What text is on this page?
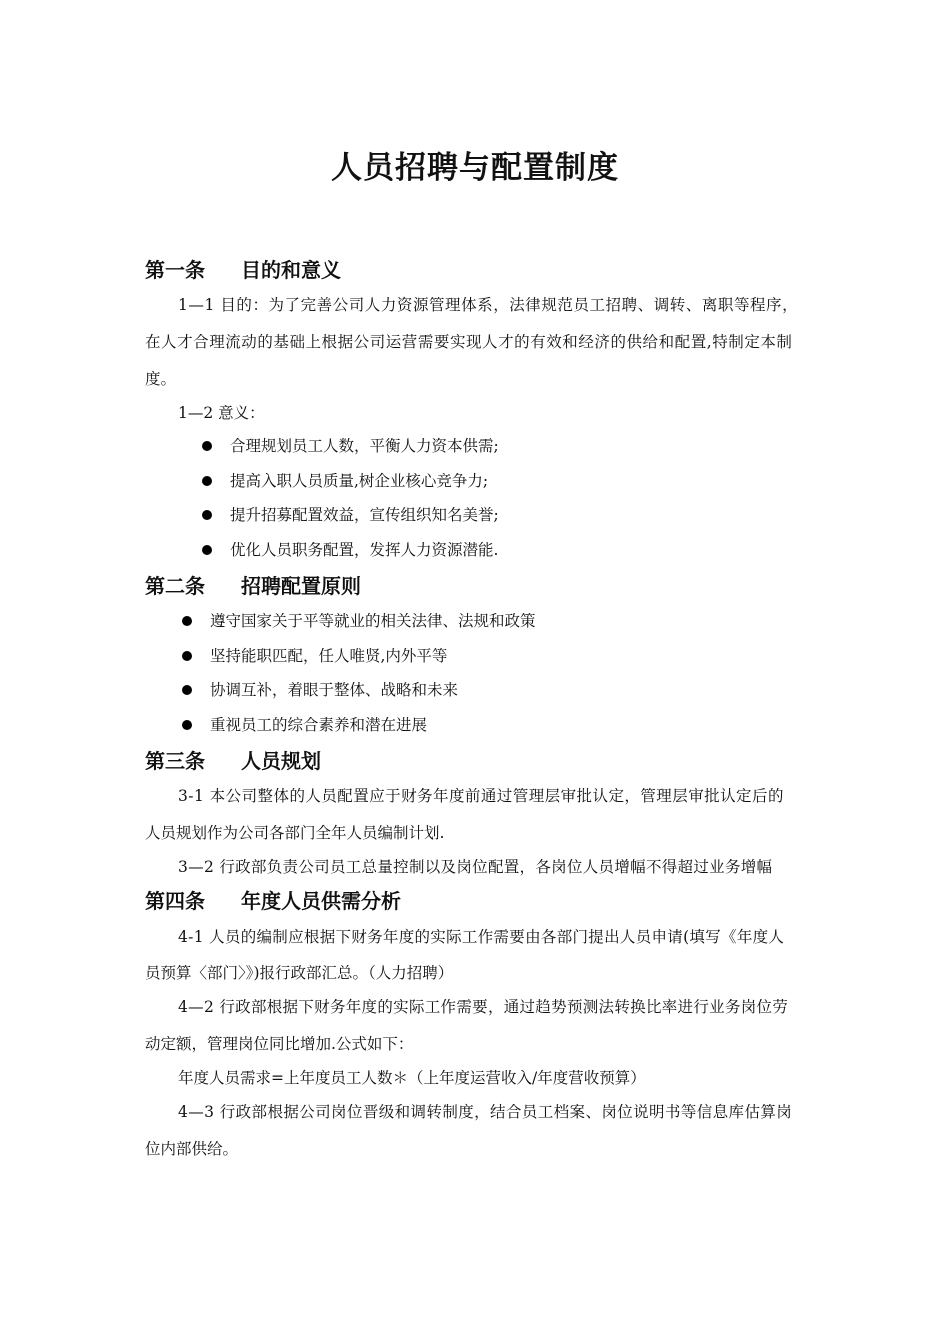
人员招聘与配置制度
第一条 目的和意义
1—1 目的：为了完善公司人力资源管理体系，法律规范员工招聘、调转、离职等程序，
在人才合理流动的基础上根据公司运营需要实现人才的有效和经济的供给和配置,特制定本制
度。
1—2 意义：
合理规划员工人数，平衡人力资本供需;
提高入职人员质量,树企业核心竞争力;
提升招募配置效益，宣传组织知名美誉;
优化人员职务配置，发挥人力资源潜能.
第二条 招聘配置原则
遵守国家关于平等就业的相关法律、法规和政策
坚持能职匹配，任人唯贤,内外平等
协调互补，着眼于整体、战略和未来
重视员工的综合素养和潜在进展
第三条 人员规划
3-1 本公司整体的人员配置应于财务年度前通过管理层审批认定，管理层审批认定后的
人员规划作为公司各部门全年人员编制计划.
3—2 行政部负责公司员工总量控制以及岗位配置，各岗位人员增幅不得超过业务增幅
第四条 年度人员供需分析
4-1 人员的编制应根据下财务年度的实际工作需要由各部门提出人员申请(填写《年度人
员预算〈部门〉》)报行政部汇总。（人力招聘）
4—2 行政部根据下财务年度的实际工作需要，通过趋势预测法转换比率进行业务岗位劳
动定额，管理岗位同比增加.公式如下：
年度人员需求=上年度员工人数＊（上年度运营收入/年度营收预算）
4—3 行政部根据公司岗位晋级和调转制度，结合员工档案、岗位说明书等信息库估算岗
位内部供给。
